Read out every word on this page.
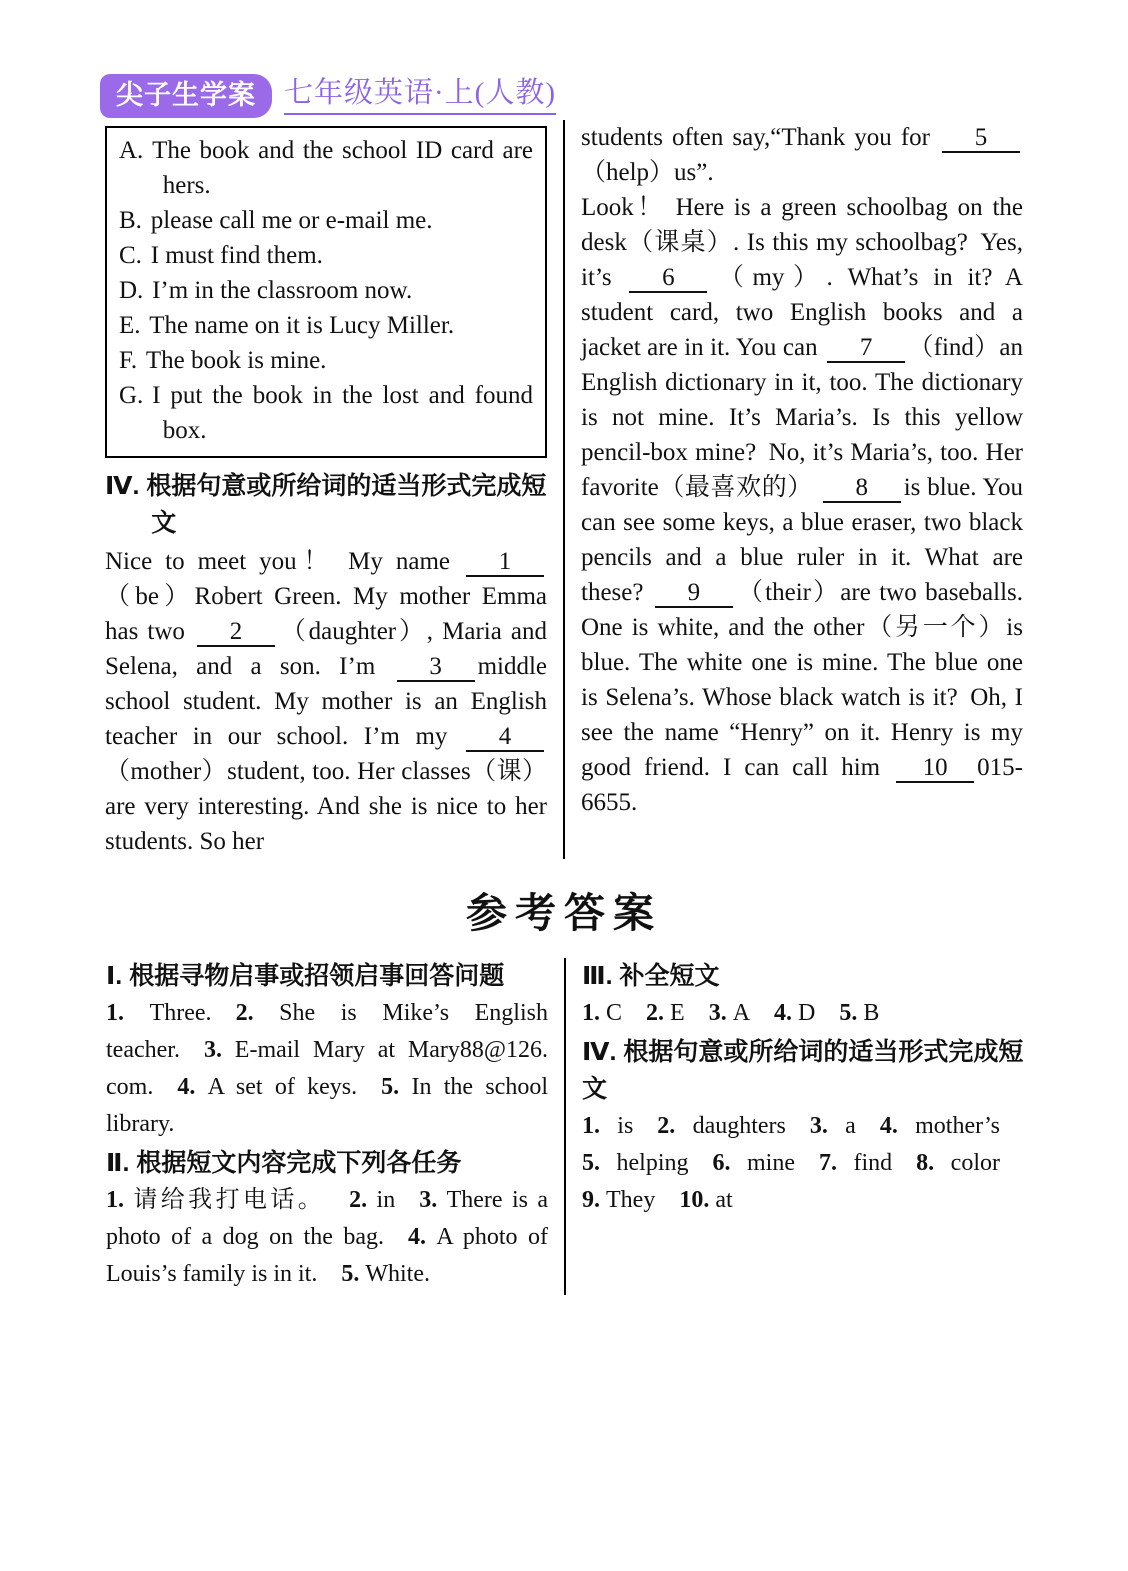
尖子生学案 七年级英语·上(人教)
A. The book and the school ID card are hers.
B. please call me or e-mail me.
C. I must find them.
D. I’m in the classroom now.
E. The name on it is Lucy Miller.
F. The book is mine.
G. I put the book in the lost and found box.
Ⅳ. 根据句意或所给词的适当形式完成短文

Nice to meet you！ My name 1（be）Robert Green. My mother Emma has two 2 （daughter）, Maria and Selena, and a son. I’m 3 middle school student. My mother is an English teacher in our school. I’m my 4（mother）student, too. Her classes（课）are very interesting. And she is nice to her students. So her

students often say,“Thank you for 5（help）us”.

Look！ Here is a green schoolbag on the desk（课桌）. Is this my schoolbag? Yes, it’s 6 （my）. What’s in it? A student card, two English books and a jacket are in it. You can 7 （find）an English dictionary in it, too. The dictionary is not mine. It’s Maria’s. Is this yellow pencil-box mine? No, it’s Maria’s, too. Her favorite（最喜欢的） 8 is blue. You can see some keys, a blue eraser, two black pencils and a blue ruler in it. What are these? 9 （their）are two baseballs. One is white, and the other（另一个）is blue. The white one is mine. The blue one is Selena’s. Whose black watch is it? Oh, I see the name “Henry” on it. Henry is my good friend. I can call him 10 015-6655.

参考答案

Ⅰ. 根据寻物启事或招领启事回答问题

1. Three. 2. She is Mike’s English teacher. 3. E-mail Mary at Mary88@126. com. 4. A set of keys. 5. In the school library.

Ⅱ. 根据短文内容完成下列各任务

1. 请给我打电话。 2. in 3. There is a photo of a dog on the bag. 4. A photo of Louis’s family is in it. 5. White.

Ⅲ. 补全短文

1. C 2. E 3. A 4. D 5. B

Ⅳ. 根据句意或所给词的适当形式完成短文

1. is 2. daughters 3. a 4. mother’s 5. helping 6. mine 7. find 8. color 9. They 10. at
